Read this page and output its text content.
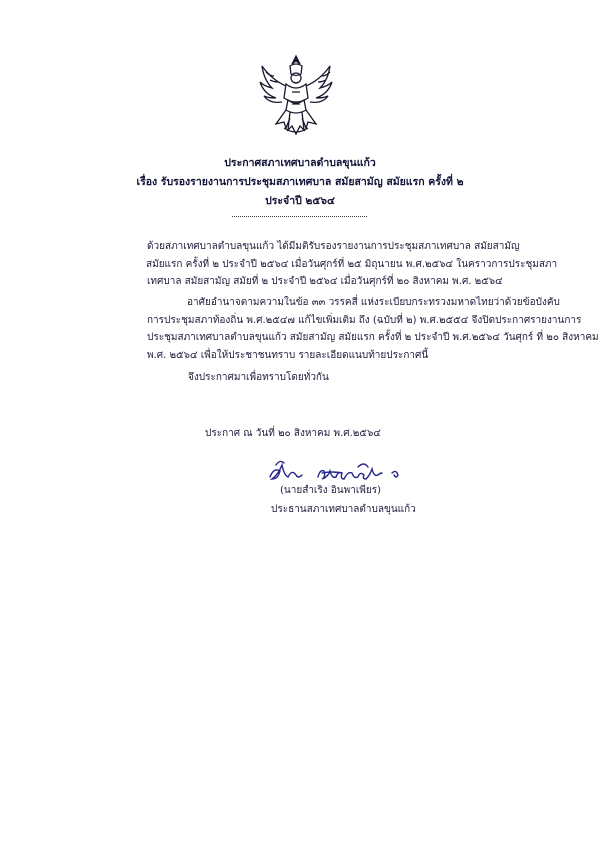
ประกาศสภาเทศบาลตำบลขุนแก้ว
เรื่อง รับรองรายงานการประชุมสภาเทศบาล สมัยสามัญ สมัยแรก ครั้งที่ ๒
ประจำปี ๒๕๖๔
ด้วยสภาเทศบาลตำบลขุนแก้ว ได้มีมติรับรองรายงานการประชุมสภาเทศบาล สมัยสามัญ
สมัยแรก ครั้งที่ ๒ ประจำปี ๒๕๖๔ เมื่อวันศุกร์ที่ ๒๕ มิถุนายน พ.ศ.๒๕๖๔ ในคราวการประชุมสภา
เทศบาล สมัยสามัญ สมัยที่ ๒ ประจำปี ๒๕๖๔ เมื่อวันศุกร์ที่ ๒๐ สิงหาคม พ.ศ. ๒๕๖๔
อาศัยอำนาจตามความในข้อ ๓๓ วรรคสี่ แห่งระเบียบกระทรวงมหาดไทยว่าด้วยข้อบังคับ
การประชุมสภาท้องถิ่น พ.ศ.๒๕๔๗ แก้ไขเพิ่มเติม ถึง (ฉบับที่ ๒) พ.ศ.๒๕๕๔ จึงปิดประกาศรายงานการ
ประชุมสภาเทศบาลตำบลขุนแก้ว สมัยสามัญ สมัยแรก ครั้งที่ ๒ ประจำปี พ.ศ.๒๕๖๔ วันศุกร์ ที่ ๒๐ สิงหาคม
พ.ศ. ๒๕๖๔ เพื่อให้ประชาชนทราบ รายละเอียดแนบท้ายประกาศนี้
จึงประกาศมาเพื่อทราบโดยทั่วกัน
ประกาศ ณ วันที่ ๒๐ สิงหาคม พ.ศ.๒๕๖๔
(นายสำเริง อินพาเพียร)
ประธานสภาเทศบาลตำบลขุนแก้ว
